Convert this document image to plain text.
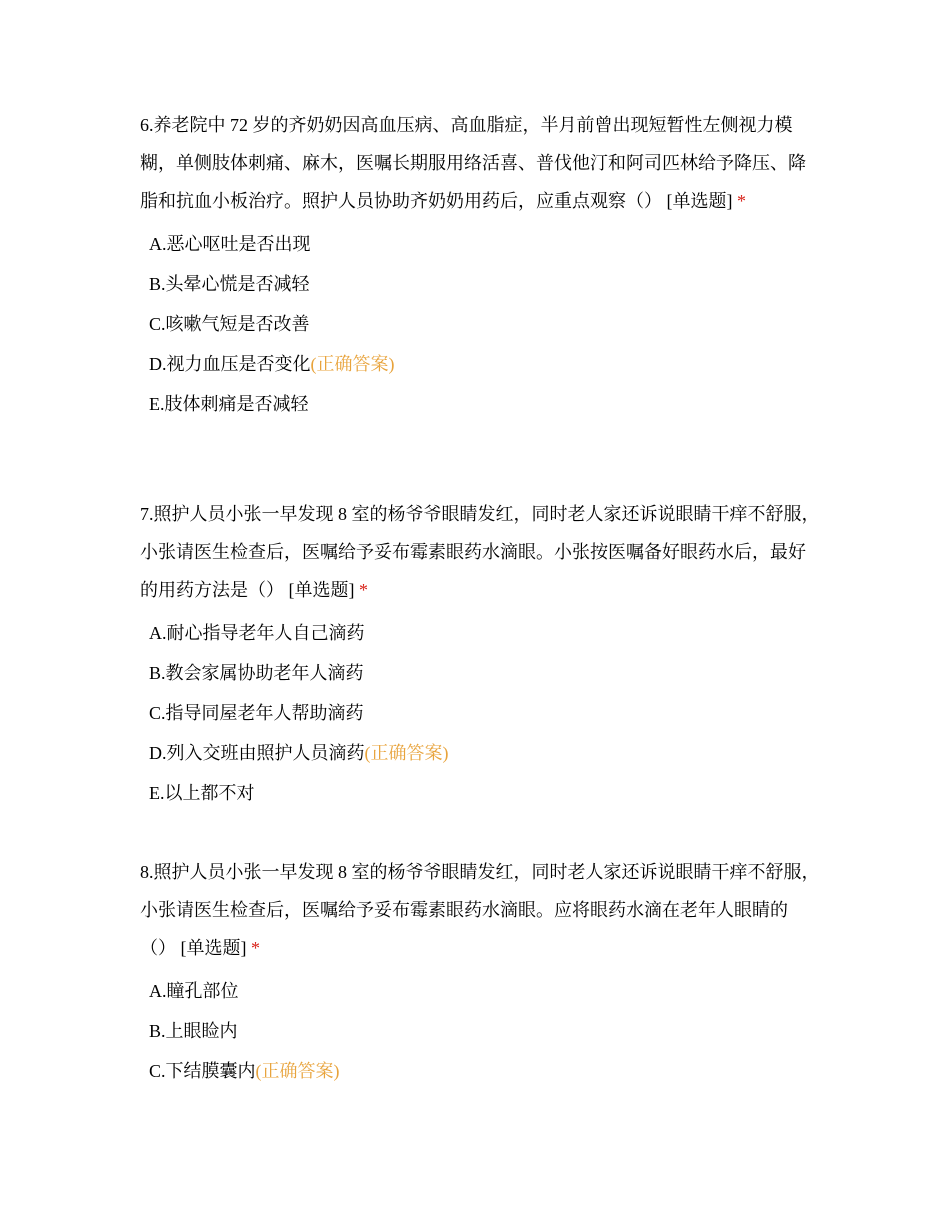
6.养老院中 72 岁的齐奶奶因高血压病、高血脂症，半月前曾出现短暂性左侧视力模糊，单侧肢体刺痛、麻木，医嘱长期服用络活喜、普伐他汀和阿司匹林给予降压、降脂和抗血小板治疗。照护人员协助齐奶奶用药后，应重点观察（） [单选题] *

A.恶心呕吐是否出现
B.头晕心慌是否减轻
C.咳嗽气短是否改善
D.视力血压是否变化(正确答案)
E.肢体刺痛是否减轻

7.照护人员小张一早发现 8 室的杨爷爷眼睛发红，同时老人家还诉说眼睛干痒不舒服，小张请医生检查后，医嘱给予妥布霉素眼药水滴眼。小张按医嘱备好眼药水后，最好的用药方法是（） [单选题] *

A.耐心指导老年人自己滴药
B.教会家属协助老年人滴药
C.指导同屋老年人帮助滴药
D.列入交班由照护人员滴药(正确答案)
E.以上都不对

8.照护人员小张一早发现 8 室的杨爷爷眼睛发红，同时老人家还诉说眼睛干痒不舒服，小张请医生检查后，医嘱给予妥布霉素眼药水滴眼。应将眼药水滴在老年人眼睛的（） [单选题] *

A.瞳孔部位
B.上眼睑内
C.下结膜囊内(正确答案)
